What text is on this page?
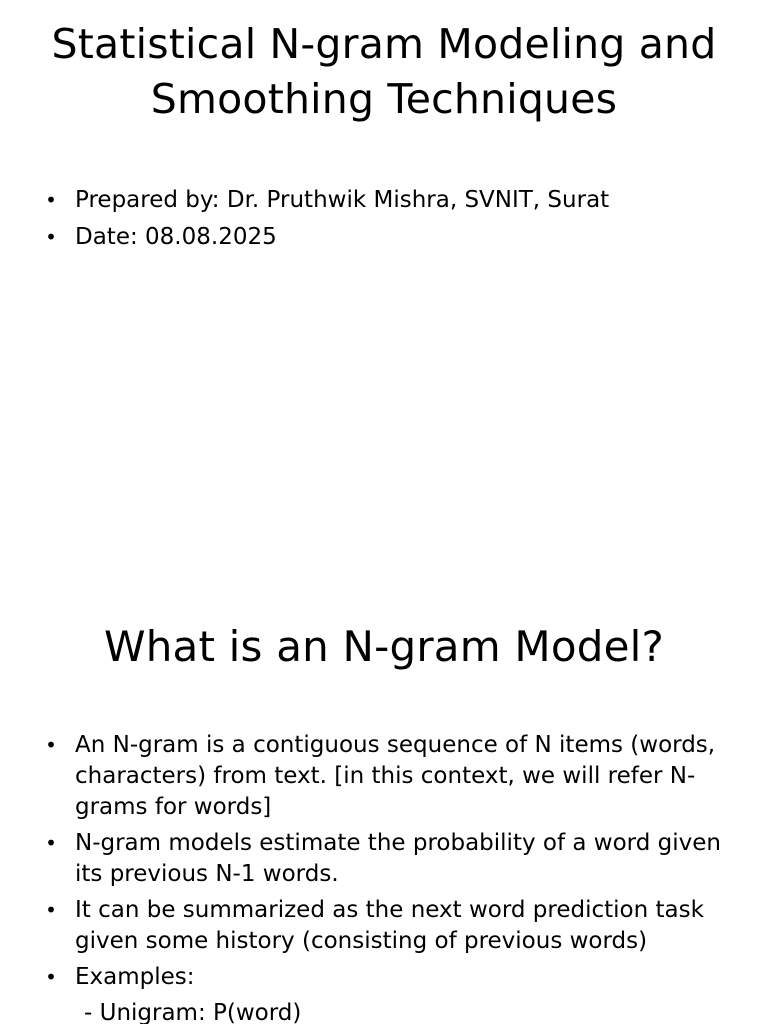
Statistical N-gram Modeling and
Smoothing Techniques
• Prepared by: Dr. Pruthwik Mishra, SVNIT, Surat
• Date: 08.08.2025
What is an N-gram Model?
• An N-gram is a contiguous sequence of N items (words, characters) from text. [in this context, we will refer N-grams for words]
• N-gram models estimate the probability of a word given its previous N-1 words.
• It can be summarized as the next word prediction task given some history (consisting of previous words)
• Examples:
- Unigram: P(word)
